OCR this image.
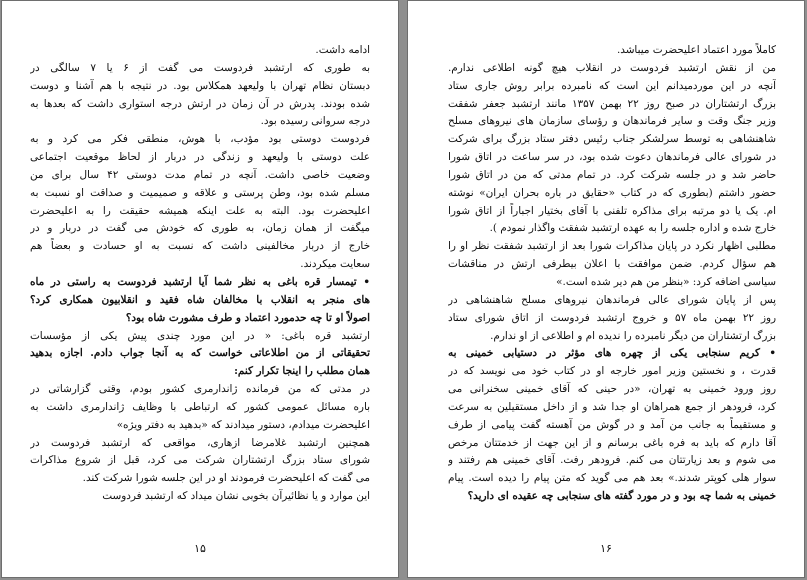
ادامه داشت.
به طوری که ارتشبد فردوست می گفت از ۶ یا ۷ سالگی در
دبستان نظام تهران با ولیعهد همکلاس بود. در نتیجه با هم آشنا و دوست
شده بودند. پدرش در آن زمان در ارتش درجه استواری داشت که بعدها به
درجه سروانی رسیده بود.
فردوست دوستی بود مؤدب، با هوش، منطقی فکر می کرد و به
علت دوستی با ولیعهد و زندگی در دربار از لحاظ موقعیت اجتماعی
وضعیت خاصی داشت. آنچه در تمام مدت دوستی ۴۲ سال برای من
مسلم شده بود، وطن پرستی و علاقه و صمیمیت و صداقت او نسبت به
اعلیحضرت بود. البته به علت اینکه همیشه حقیقت را به اعلیحضرت
میگفت از همان زمان، به طوری که خودش می گفت در دربار و در
خارج از دربار مخالفینی داشت که نسبت به او حسادت و بعضاً هم
سعایت میکردند.
• تیمسار قره باغی به نظر شما آیا ارتشبد فردوست به راستی در ماه
های منجر به انقلاب با مخالفان شاه فقید و انقلابیون همکاری کرد؟
اصولاً او تا چه حدمورد اعتماد و طرف مشورت شاه بود؟
ارتشبد قره باغی: « در این مورد چندی پیش یکی از مؤسسات
تحقیقاتی از من اطلاعاتی خواست که به آنجا جواب دادم. اجازه بدهید
همان مطلب را اینجا تکرار کنم:
در مدتی که من فرمانده ژاندارمری کشور بودم، وقتی گزارشاتی در
باره مسائل عمومی کشور که ارتباطی با وظایف ژاندارمری داشت به
اعلیحضرت میدادم، دستور میدادند که «بدهید به دفتر ویژه»
همچنین ارتشبد غلامرضا ازهاری، مواقعی که ارتشبد فردوست در
شورای ستاد بزرگ ارتشتاران شرکت می کرد، قبل از شروع مذاکرات
می گفت که اعلیحضرت فرمودند او در این جلسه شورا شرکت کند.
این موارد و یا نظائیرآن بخوبی نشان میداد که ارتشبد فردوست
۱۵
کاملاً مورد اعتماد اعلیحضرت میباشد.
من از نقش ارتشبد فردوست در انقلاب هیچ گونه اطلاعی ندارم.
آنچه در این موردمیدانم این است که نامبرده برابر روش جاری ستاد
بزرگ ارتشتاران در صبح روز ۲۲ بهمن ۱۳۵۷ مانند ارتشبد جعفر شفقت
وزیر جنگ وقت و سایر فرماندهان و رؤسای سازمان های نیروهای مسلح
شاهنشاهی به توسط سرلشکر جناب رئیس دفتر ستاد بزرگ برای شرکت
در شورای عالی فرماندهان دعوت شده بود، در سر ساعت در اتاق شورا
حاضر شد و در جلسه شرکت کرد. در تمام مدتی که من در اتاق شورا
حضور داشتم (بطوری که در کتاب «حقایق در باره بحران ایران» نوشته
ام. یک یا دو مرتبه برای مذاکره تلفنی با آقای بختیار اجباراً از اتاق شورا
خارج شده و اداره جلسه را به عهده ارتشبد شفقت واگذار نمودم ).
مطلبی اظهار نکرد در پایان مذاکرات شورا بعد از ارتشبد شفقت نظر او را
هم سؤال کردم. ضمن موافقت با اعلان بیطرفی ارتش در مناقشات
سیاسی اضافه کرد: «بنظر من هم دیر شده است.»
پس از پایان شورای عالی فرماندهان نیروهای مسلح شاهنشاهی در
روز ۲۲ بهمن ماه ۵۷ و خروج ارتشبد فردوست از اتاق شورای ستاد
بزرگ ارتشتاران من دیگر نامبرده را ندیده ام و اطلاعی از او ندارم.
• کریم سنجابی یکی از چهره های مؤثر در دستیابی خمینی به
قدرت ، و نخستین وزیر امور خارجه او در کتاب خود می نویسد که در
روز ورود خمینی به تهران، «در حینی که آقای خمینی سخنرانی می
کرد، فرودهر از جمع همراهان او جدا شد و از داخل مستقیلین به سرعت
و مستقیماً به جانب من آمد و در گوش من آهسته گفت پیامی از طرف
آقا دارم که باید به فره باغی برسانم و از این جهت از خدمتتان مرخص
می شوم و بعد زیارتتان می کنم. فرودهر رفت. آقای خمینی هم رفتند و
سوار هلی کوپتر شدند.» بعد هم می گوید که متن پیام را دیده است. پیام
خمینی به شما چه بود و در مورد گفته های سنجابی چه عقیده ای دارید؟
۱۶
